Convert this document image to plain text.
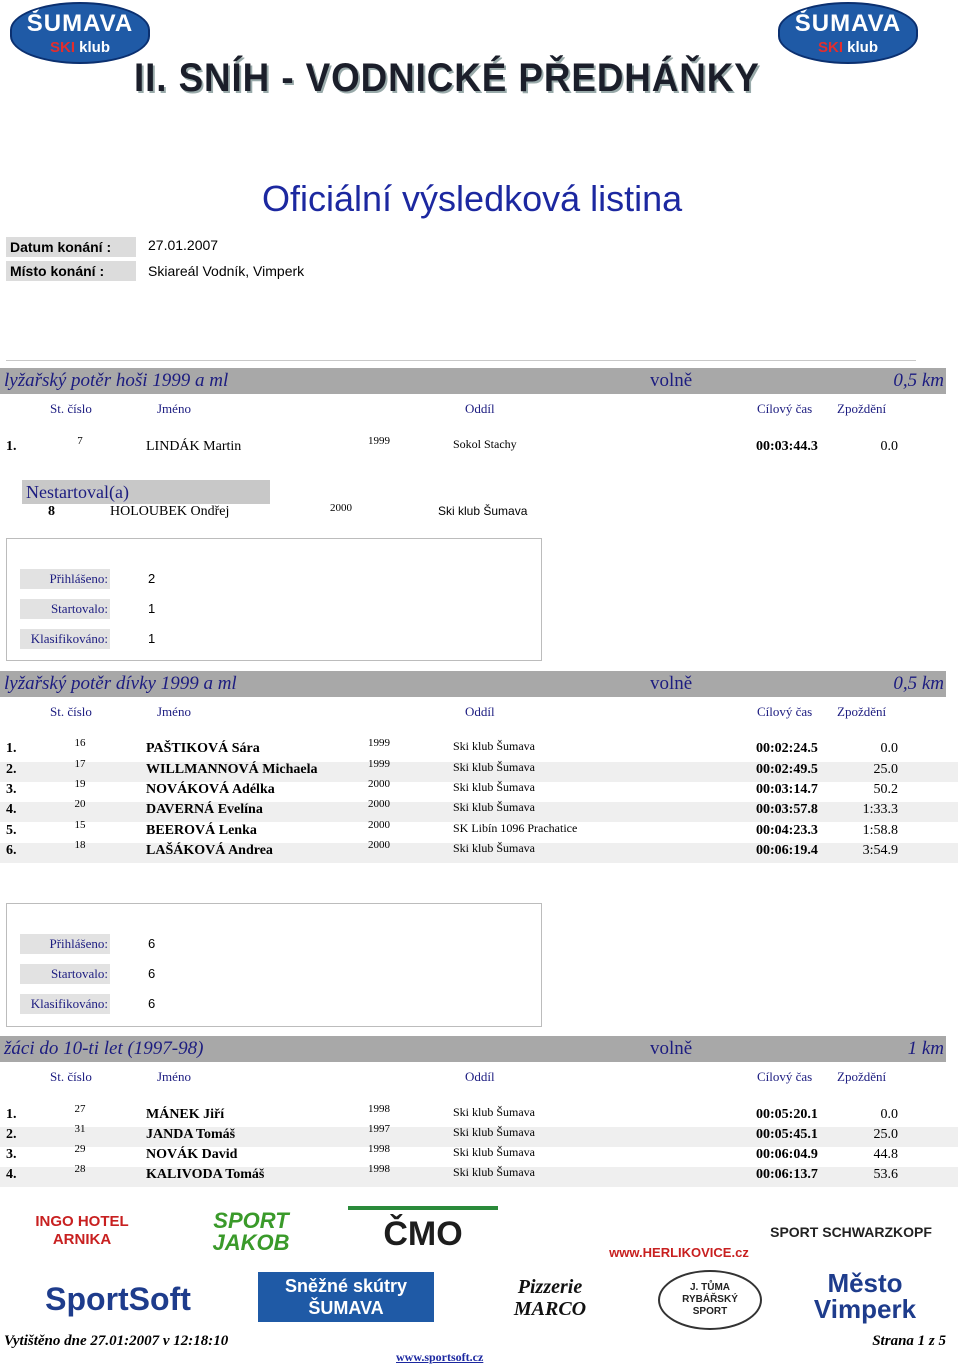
ŠUMAVA
SKI klub
ŠUMAVA
SKI klub
II. SNÍH - VODNICKÉ PŘEDHÁŇKY
Oficiální výsledková listina
Datum konání :	27.01.2007
Místo konání :	Skiareál Vodník, Vimperk
lyžařský potěr hoši 1999 a ml	volně	0,5 km
St. číslo	Jméno	Oddíl	Cílový čas Zpoždění
1.	7	LINDÁK Martin	1999	Sokol Stachy	00:03:44.3	0.0
Nestartoval(a)
8	HOLOUBEK Ondřej	2000	Ski klub Šumava
Přihlášeno:	2
Startovalo:	1
Klasifikováno:	1
lyžařský potěr dívky 1999 a ml	volně	0,5 km
St. číslo	Jméno	Oddíl	Cílový čas Zpoždění
1.	16	PAŠTIKOVÁ Sára	1999	Ski klub Šumava	00:02:24.5	0.0
2.	17	WILLMANNOVÁ Michaela	1999	Ski klub Šumava	00:02:49.5	25.0
3.	19	NOVÁKOVÁ Adélka	2000	Ski klub Šumava	00:03:14.7	50.2
4.	20	DAVERNÁ Evelína	2000	Ski klub Šumava	00:03:57.8	1:33.3
5.	15	BEEROVÁ Lenka	2000	SK Libín 1096 Prachatice	00:04:23.3	1:58.8
6.	18	LAŠÁKOVÁ Andrea	2000	Ski klub Šumava	00:06:19.4	3:54.9
Přihlášeno:	6
Startovalo:	6
Klasifikováno:	6
žáci do 10-ti let (1997-98)	volně	1 km
St. číslo	Jméno	Oddíl	Cílový čas Zpoždění
1.	27	MÁNEK Jiří	1998	Ski klub Šumava	00:05:20.1	0.0
2.	31	JANDA Tomáš	1997	Ski klub Šumava	00:05:45.1	25.0
3.	29	NOVÁK David	1998	Ski klub Šumava	00:06:04.9	44.8
4.	28	KALIVODA Tomáš	1998	Ski klub Šumava	00:06:13.7	53.6
INGO HOTEL ARNIKA
SPORT JAKOB	ČMO	www.HERLIKOVICE.cz
SPORT SCHWARZKOPF
SportSoft	Sněžné skútry ŠUMAVA
Pizzerie MARCO
J. TŮMA RYBÁŘSKÝ SPORT
Město Vimperk
Vytištěno dne 27.01:2007 v 12:18:10	Strana 1 z 5
www.sportsoft.cz
